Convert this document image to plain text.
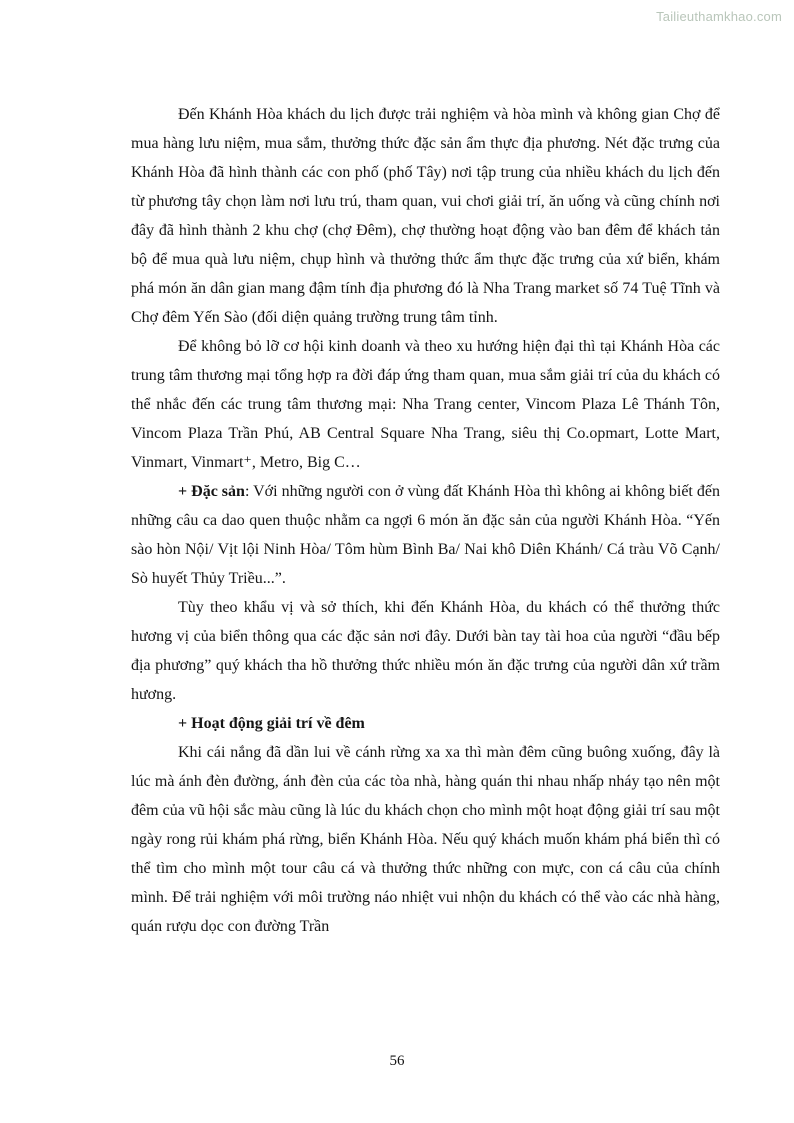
Tailieuthamkhao.com

Đến Khánh Hòa khách du lịch được trải nghiệm và hòa mình và không gian Chợ để mua hàng lưu niệm, mua sắm, thưởng thức đặc sản ẩm thực địa phương. Nét đặc trưng của Khánh Hòa đã hình thành các con phố (phố Tây) nơi tập trung của nhiều khách du lịch đến từ phương tây chọn làm nơi lưu trú, tham quan, vui chơi giải trí, ăn uống và cũng chính nơi đây đã hình thành 2 khu chợ (chợ Đêm), chợ thường hoạt động vào ban đêm để khách tản bộ để mua quà lưu niệm, chụp hình và thưởng thức ẩm thực đặc trưng của xứ biển, khám phá món ăn dân gian mang đậm tính địa phương đó là Nha Trang market số 74 Tuệ Tĩnh và Chợ đêm Yến Sào (đối diện quảng trường trung tâm tỉnh.

Để không bỏ lỡ cơ hội kinh doanh và theo xu hướng hiện đại thì tại Khánh Hòa các trung tâm thương mại tổng hợp ra đời đáp ứng tham quan, mua sắm giải trí của du khách có thể nhắc đến các trung tâm thương mại: Nha Trang center, Vincom Plaza Lê Thánh Tôn, Vincom Plaza Trần Phú, AB Central Square Nha Trang, siêu thị Co.opmart, Lotte Mart, Vinmart, Vinmart⁺, Metro, Big C…

+ Đặc sản: Với những người con ở vùng đất Khánh Hòa thì không ai không biết đến những câu ca dao quen thuộc nhằm ca ngợi 6 món ăn đặc sản của người Khánh Hòa. “Yến sào hòn Nội/ Vịt lội Ninh Hòa/ Tôm hùm Bình Ba/ Nai khô Diên Khánh/ Cá tràu Võ Cạnh/ Sò huyết Thủy Triều...”.

Tùy theo khẩu vị và sở thích, khi đến Khánh Hòa, du khách có thể thưởng thức hương vị của biển thông qua các đặc sản nơi đây. Dưới bàn tay tài hoa của người “đầu bếp địa phương” quý khách tha hồ thưởng thức nhiều món ăn đặc trưng của người dân xứ trầm hương.

+ Hoạt động giải trí về đêm

Khi cái nắng đã dần lui về cánh rừng xa xa thì màn đêm cũng buông xuống, đây là lúc mà ánh đèn đường, ánh đèn của các tòa nhà, hàng quán thi nhau nhấp nháy tạo nên một đêm của vũ hội sắc màu cũng là lúc du khách chọn cho mình một hoạt động giải trí sau một ngày rong rủi khám phá rừng, biển Khánh Hòa. Nếu quý khách muốn khám phá biển thì có thể tìm cho mình một tour câu cá và thưởng thức những con mực, con cá câu của chính mình. Để trải nghiệm với môi trường náo nhiệt vui nhộn du khách có thể vào các nhà hàng, quán rượu dọc con đường Trần

56
